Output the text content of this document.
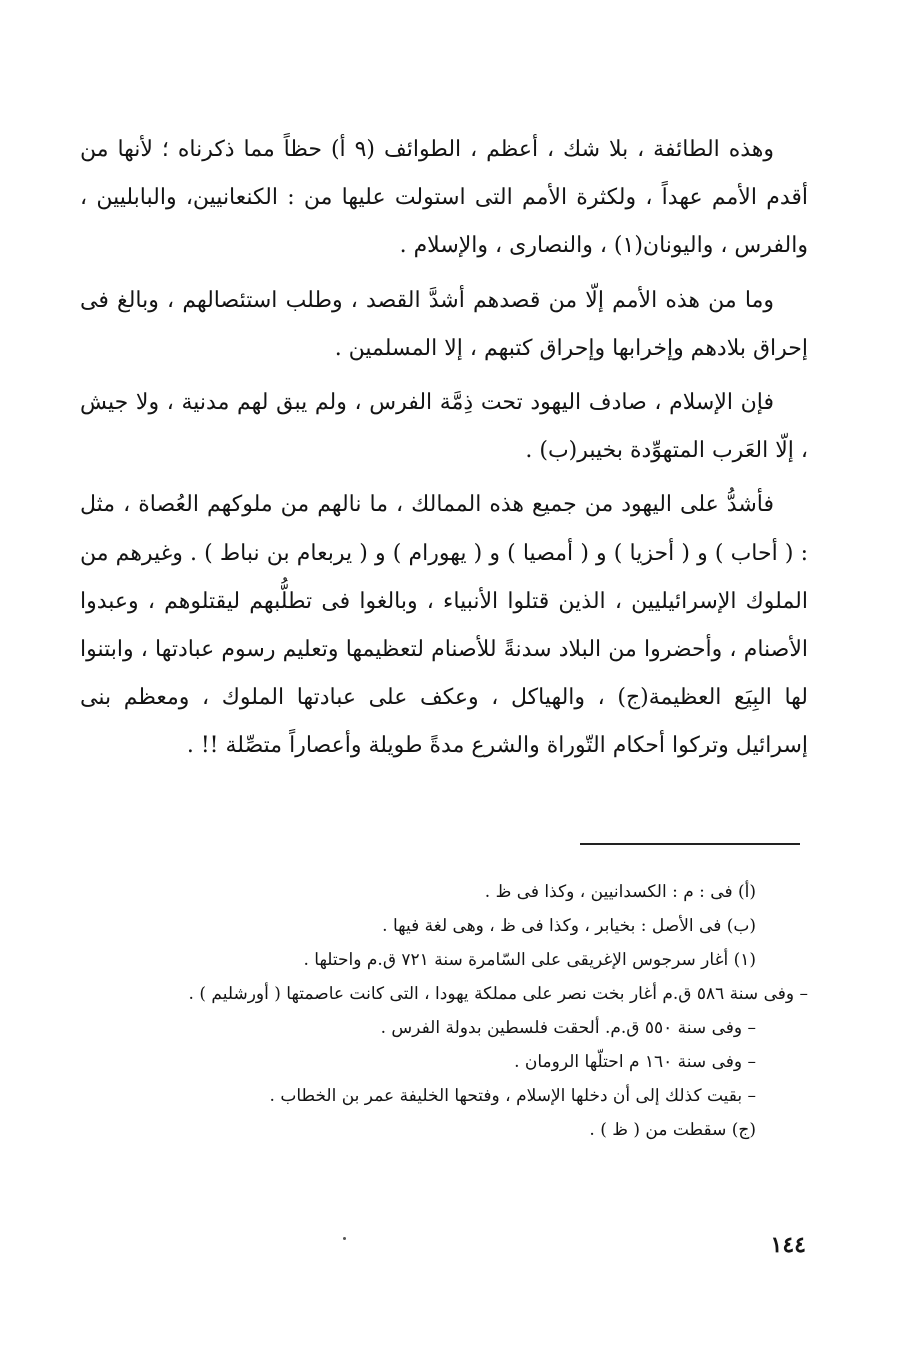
وهذه الطائفة ، بلا شك ، أعظم ، الطوائف (٩ أ) حظاً مما ذكرناه ؛ لأنها من أقدم الأمم عهداً ، ولكثرة الأمم التى استولت عليها من : الكنعانيين، والبابليين ، والفرس ، واليونان(١) ، والنصارى ، والإسلام .

وما من هذه الأمم إلّا من قصدهم أشدَّ القصد ، وطلب استئصالهم ، وبالغ فى إحراق بلادهم وإخرابها وإحراق كتبهم ، إلا المسلمين .

فإن الإسلام ، صادف اليهود تحت ذِمَّة الفرس ، ولم يبق لهم مدنية ، ولا جيش ، إلّا العَرب المتهوِّدة بخيبر(ب) .

فأشدُّ على اليهود من جميع هذه الممالك ، ما نالهم من ملوكهم العُصاة ، مثل : ( أحاب ) و ( أحزيا ) و ( أمصيا ) و ( يهورام ) و ( يربعام بن نباط ) . وغيرهم من الملوك الإسرائيليين ، الذين قتلوا الأنبياء ، وبالغوا فى تطلُّبهم ليقتلوهم ، وعبدوا الأصنام ، وأحضروا من البلاد سدنةً للأصنام لتعظيمها وتعليم رسوم عبادتها ، وابتنوا لها البِيَع العظيمة(ج) ، والهياكل ، وعكف على عبادتها الملوك ، ومعظم بنى إسرائيل وتركوا أحكام التّوراة والشرع مدةً طويلة وأعصاراً متصِّلة !! .

(أ) فى : م : الكسدانيين ، وكذا فى ظ .

(ب) فى الأصل : بخيابر ، وكذا فى ظ ، وهى لغة فيها .

(١) أغار سرجوس الإغريقى على السّامرة سنة ٧٢١ ق.م واحتلها .

– وفى سنة ٥٨٦ ق.م أغار بخت نصر على مملكة يهودا ، التى كانت عاصمتها ( أورشليم ) .

– وفى سنة ٥٥٠ ق.م. ألحقت فلسطين بدولة الفرس .

– وفى سنة ١٦٠ م احتلّها الرومان .

– بقيت كذلك إلى أن دخلها الإسلام ، وفتحها الخليفة عمر بن الخطاب .

(ج) سقطت من ( ظ ) .

١٤٤
